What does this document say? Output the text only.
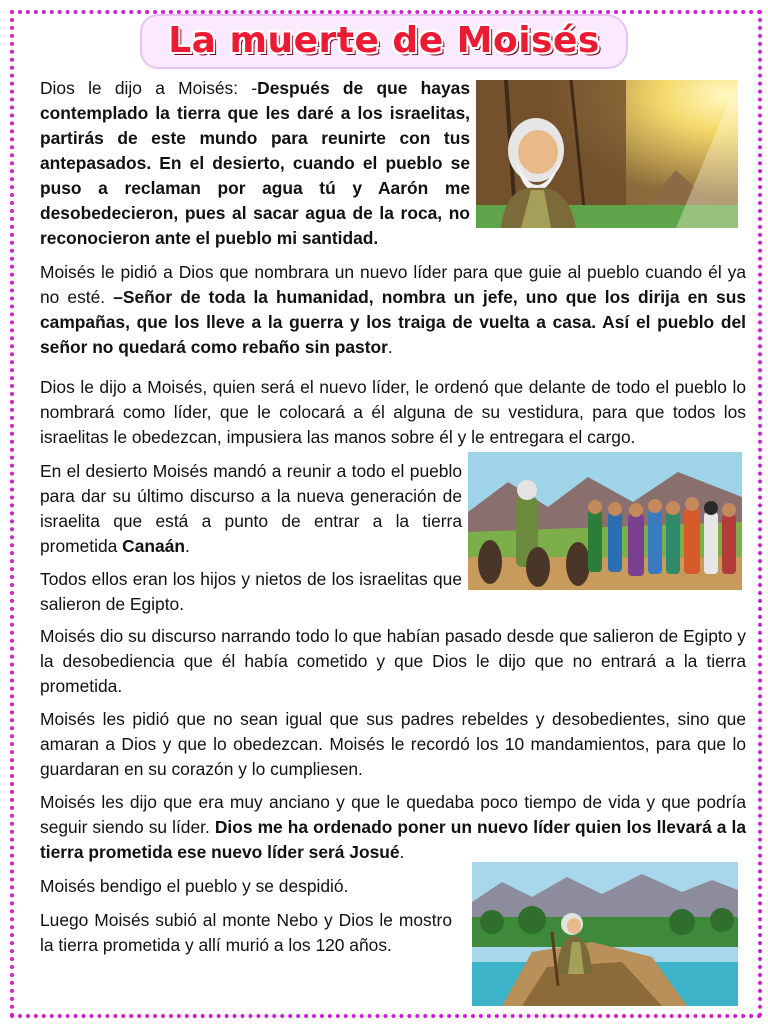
La muerte de Moisés

Dios le dijo a Moisés: -Después de que hayas contemplado la tierra que les daré a los israelitas, partirás de este mundo para reunirte con tus antepasados. En el desierto, cuando el pueblo se puso a reclaman por agua tú y Aarón me desobedecieron, pues al sacar agua de la roca, no reconocieron ante el pueblo mi santidad.

Moisés le pidió a Dios que nombrara un nuevo líder para que guie al pueblo cuando él ya no esté. –Señor de toda la humanidad, nombra un jefe, uno que los dirija en sus campañas, que los lleve a la guerra y los traiga de vuelta a casa. Así el pueblo del señor no quedará como rebaño sin pastor.

Dios le dijo a Moisés, quien será el nuevo líder, le ordenó que delante de todo el pueblo lo nombrará como líder, que le colocará a él alguna de su vestidura, para que todos los israelitas le obedezcan, impusiera las manos sobre él y le entregara el cargo.

En el desierto Moisés mandó a reunir a todo el pueblo para dar su último discurso a la nueva generación de israelita que está a punto de entrar a la tierra prometida Canaán.

Todos ellos eran los hijos y nietos de los israelitas que salieron de Egipto.

Moisés dio su discurso narrando todo lo que habían pasado desde que salieron de Egipto y la desobediencia que él había cometido y que Dios le dijo que no entrará a la tierra prometida.

Moisés les pidió que no sean igual que sus padres rebeldes y desobedientes, sino que amaran a Dios y que lo obedezcan. Moisés le recordó los 10 mandamientos, para que lo guardaran en su corazón y lo cumpliesen.

Moisés les dijo que era muy anciano y que le quedaba poco tiempo de vida y que podría seguir siendo su líder. Dios me ha ordenado poner un nuevo líder quien los llevará a la tierra prometida ese nuevo líder será Josué.

Moisés bendigo el pueblo y se despidió.

Luego Moisés subió al monte Nebo y Dios le mostro la tierra prometida y allí murió a los 120 años.
